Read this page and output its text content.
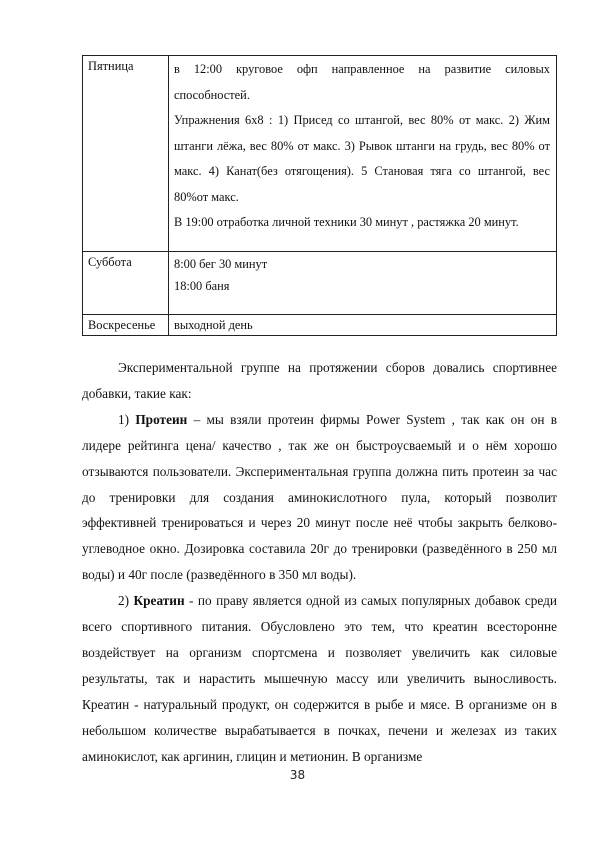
Пятница	в 12:00 круговое офп направленное на развитие силовых способностей.

Упражнения 6х8 : 1) Присед со штангой, вес 80% от макс. 2) Жим штанги лёжа, вес 80% от макс. 3) Рывок штанги на грудь, вес 80% от макс. 4) Канат(без отягощения). 5 Становая тяга со штангой, вес 80%от макс.

В 19:00 отработка личной техники 30 минут , растяжка 20 минут.

Суббота	8:00 бег 30 минут

18:00 баня

Воскресенье	выходной день

Экспериментальной группе на протяжении сборов довались спортивнее добавки, такие как:

1) Протеин – мы взяли протеин фирмы Power System , так как он он в лидере рейтинга цена/ качество , так же он быстроусваемый и о нём хорошо отзываются пользователи. Экспериментальная группа должна пить протеин за час до тренировки для создания аминокислотного пула, который позволит эффективней тренироваться и через 20 минут после неё чтобы закрыть белково-углеводное окно. Дозировка составила 20г до тренировки (разведённого в 250 мл воды) и 40г после (разведённого в 350 мл воды).

2) Креатин - по праву является одной из самых популярных добавок среди всего спортивного питания. Обусловлено это тем, что креатин всесторонне воздействует на организм спортсмена и позволяет увеличить как силовые результаты, так и нарастить мышечную массу или увеличить выносливость. Креатин - натуральный продукт, он содержится в рыбе и мясе. В организме он в небольшом количестве вырабатывается в почках, печени и железах из таких аминокислот, как аргинин, глицин и метионин. В организме

38
